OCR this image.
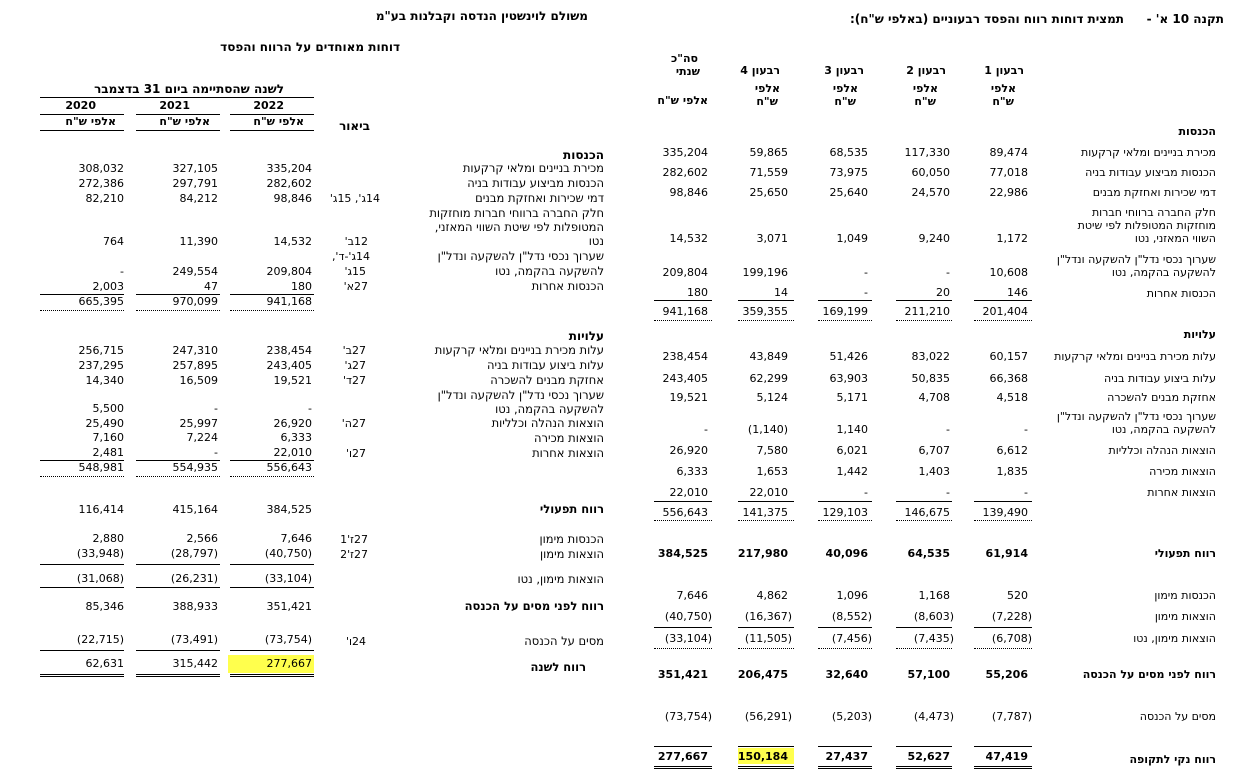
משולם לוינשטין הנדסה וקבלנות בע"מ
דוחות מאוחדים על הרווח והפסד
לשנה שהסתיימה ביום 31 בדצמבר
2022
2021
2020
אלפי ש"ח
אלפי ש"ח
אלפי ש"ח	ביאור
הכנסות
מכירת בניינים ומלאי קרקעות
335,204
327,105
308,032
הכנסות מביצוע עבודות בניה
282,602
297,791
272,386
דמי שכירות ואחזקת מבנים
14ג', 15ג'
98,846
84,212
82,210
חלק החברה ברווחי חברות מוחזקות
המטופלות לפי שיטת השווי המאזני,
נטו
12ב'
14,532
11,390
764
שערוך נכסי נדל"ן להשקעה ונדל"ן
14ג'-ד',
להשקעה בהקמה, נטו
15ג'
209,804
249,554
-
הכנסות אחרות
27א'
180
47
2,003
941,168
970,099
665,395
עלויות
עלות מכירת בניינים ומלאי קרקעות
27ב'
238,454
247,310
256,715
עלות ביצוע עבודות בניה
27ג'
243,405
257,895
237,295
אחזקת מבנים להשכרה
27ד'
19,521
16,509
14,340
שערוך נכסי נדל"ן להשקעה ונדל"ן
להשקעה בהקמה, נטו
-
-
5,500
הוצאות הנהלה וכלליות
27ה'
26,920
25,997
25,490
הוצאות מכירה
6,333
7,224
7,160
הוצאות אחרות
27ו'
22,010
-
2,481
556,643
554,935
548,981
רווח תפעולי
384,525
415,164
116,414
הכנסות מימון
27ז'1
7,646
2,566
2,880
הוצאות מימון
27ז'2
(40,750)
(28,797)
(33,948)
הוצאות מימון, נטו
(33,104)
(26,231)
(31,068)
רווח לפני מסים על הכנסה
351,421
388,933
85,346
מסים על הכנסה
24ו'
(73,754)
(73,491)
(22,715)
רווח לשנה
277,667
315,442
62,631
תקנה 10 א' -
תמצית דוחות רווח והפסד רבעוניים (באלפי ש"ח):
סה"כ
שנתי
אלפי ש"ח
רבעון 4
אלפי
ש"ח
רבעון 3
אלפי
ש"ח
רבעון 2
אלפי
ש"ח
רבעון 1
אלפי
ש"ח
הכנסות
מכירת בניינים ומלאי קרקעות
89,474
117,330
68,535
59,865
335,204
הכנסות מביצוע עבודות בניה
77,018
60,050
73,975
71,559
282,602
דמי שכירות ואחזקת מבנים
22,986
24,570
25,640
25,650
98,846
חלק החברה ברווחי חברות
מוחזקות המטופלות לפי שיטת
השווי המאזני, נטו
1,172
9,240
1,049
3,071
14,532
שערוך נכסי נדל"ן להשקעה ונדל"ן
להשקעה בהקמה, נטו
10,608
-
-
199,196
209,804
הכנסות אחרות
146
20
-
14
180
201,404
211,210
169,199
359,355
941,168
עלויות
עלות מכירת בניינים ומלאי קרקעות
60,157
83,022
51,426
43,849
238,454
עלות ביצוע עבודות בניה
66,368
50,835
63,903
62,299
243,405
אחזקת מבנים להשכרה
4,518
4,708
5,171
5,124
19,521
שערוך נכסי נדל"ן להשקעה ונדל"ן
להשקעה בהקמה, נטו
-
-
1,140
(1,140)
-
הוצאות הנהלה וכלליות
6,612
6,707
6,021
7,580
26,920
הוצאות מכירה
1,835
1,403
1,442
1,653
6,333
הוצאות אחרות
-
-
-
22,010
22,010
139,490
146,675
129,103
141,375
556,643
רווח תפעולי
61,914
64,535
40,096
217,980
384,525
הכנסות מימון
520
1,168
1,096
4,862
7,646
הוצאות מימון
(7,228)
(8,603)
(8,552)
(16,367)
(40,750)
הוצאות מימון, נטו
(6,708)
(7,435)
(7,456)
(11,505)
(33,104)
רווח לפני מסים על הכנסה
55,206
57,100
32,640
206,475
351,421
מסים על הכנסה
(7,787)
(4,473)
(5,203)
(56,291)
(73,754)
רווח נקי לתקופה
47,419
52,627
27,437
150,184
277,667
